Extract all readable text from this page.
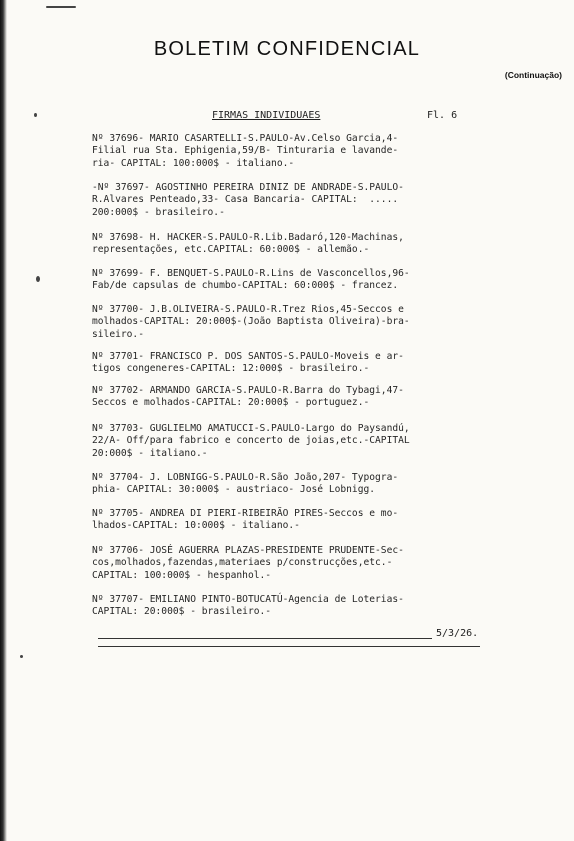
BOLETIM CONFIDENCIAL
(Continuação)
FIRMAS INDIVIDUAES	Fl. 6
Nº 37696- MARIO CASARTELLI-S.PAULO-Av.Celso Garcia,4-
Filial rua Sta. Ephigenia,59/B- Tinturaria e lavande-
ria- CAPITAL: 100:000$ - italiano.-
-Nº 37697- AGOSTINHO PEREIRA DINIZ DE ANDRADE-S.PAULO-
R.Alvares Penteado,33- Casa Bancaria- CAPITAL:  .....
200:000$ - brasileiro.-
Nº 37698- H. HACKER-S.PAULO-R.Lib.Badaró,120-Machinas,
representações, etc.CAPITAL: 60:000$ - allemão.-
Nº 37699- F. BENQUET-S.PAULO-R.Lins de Vasconcellos,96-
Fab/de capsulas de chumbo-CAPITAL: 60:000$ - francez.
Nº 37700- J.B.OLIVEIRA-S.PAULO-R.Trez Rios,45-Seccos e
molhados-CAPITAL: 20:000$-(João Baptista Oliveira)-bra-
sileiro.-
Nº 37701- FRANCISCO P. DOS SANTOS-S.PAULO-Moveis e ar-
tigos congeneres-CAPITAL: 12:000$ - brasileiro.-
Nº 37702- ARMANDO GARCIA-S.PAULO-R.Barra do Tybagi,47-
Seccos e molhados-CAPITAL: 20:000$ - portuguez.-
Nº 37703- GUGLIELMO AMATUCCI-S.PAULO-Largo do Paysandú,
22/A- Off/para fabrico e concerto de joias,etc.-CAPITAL
20:000$ - italiano.-
Nº 37704- J. LOBNIGG-S.PAULO-R.São João,207- Typogra-
phia- CAPITAL: 30:000$ - austriaco- José Lobnigg.
Nº 37705- ANDREA DI PIERI-RIBEIRÃO PIRES-Seccos e mo-
lhados-CAPITAL: 10:000$ - italiano.-
Nº 37706- JOSÉ AGUERRA PLAZAS-PRESIDENTE PRUDENTE-Sec-
cos,molhados,fazendas,materiaes p/construcções,etc.-
CAPITAL: 100:000$ - hespanhol.-
Nº 37707- EMILIANO PINTO-BOTUCATÚ-Agencia de Loterias-
CAPITAL: 20:000$ - brasileiro.-
5/3/26.
